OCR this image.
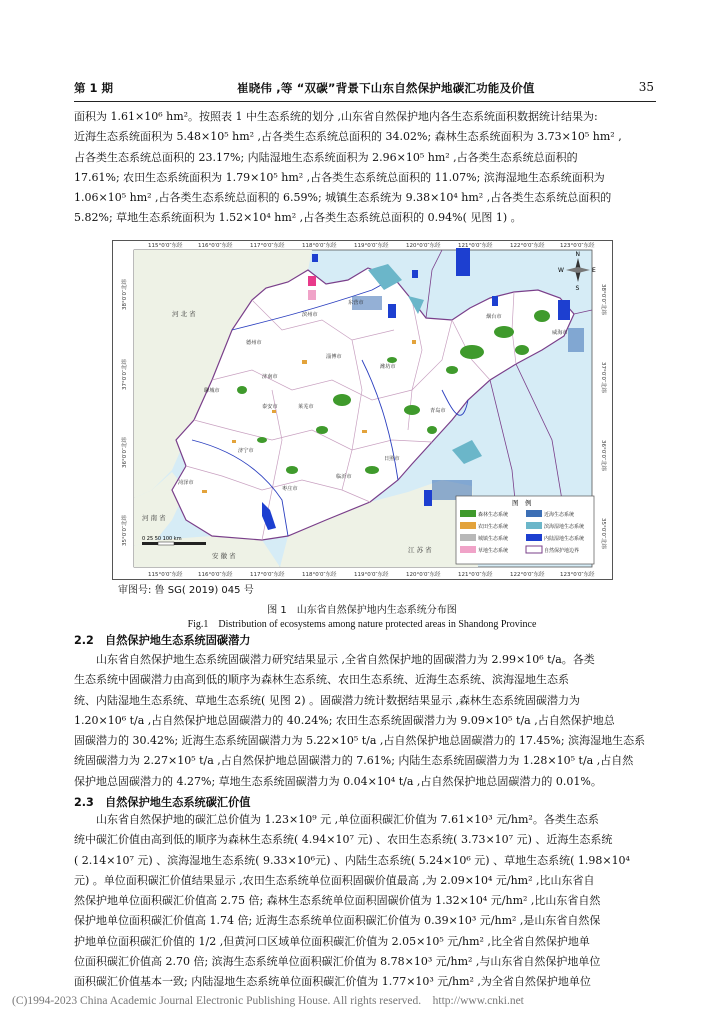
第 1 期	崔晓伟 ,等 “双碳”背景下山东自然保护地碳汇功能及价值	35

面积为 1.61×10⁶ hm²。按照表 1 中生态系统的划分 ,山东省自然保护地内各生态系统面积数据统计结果为:

近海生态系统面积为 5.48×10⁵ hm² ,占各类生态系统总面积的 34.02%; 森林生态系统面积为 3.73×10⁵ hm² ,

占各类生态系统总面积的 23.17%; 内陆湿地生态系统面积为 2.96×10⁵ hm² ,占各类生态系统总面积的

17.61%; 农田生态系统面积为 1.79×10⁵ hm² ,占各类生态系统总面积的 11.07%; 滨海湿地生态系统面积为

1.06×10⁵ hm² ,占各类生态系统总面积的 6.59%; 城镇生态系统为 9.38×10⁴ hm² ,占各类生态系统总面积的

5.82%; 草地生态系统面积为 1.52×10⁴ hm² ,占各类生态系统总面积的 0.94%( 见图 1) 。

河 北 省
河 南 省
安 徽 省
江 苏 省
滨州市
东营市
德州市
淄博市
潍坊市
聊城市
济南市
泰安市	莱芜市
济宁市
临沂市
日照市
枣庄市
菏泽市
青岛市
烟台市
威海市
115°0′0″东经	116°0′0″东经	117°0′0″东经	118°0′0″东经	119°0′0″东经	120°0′0″东经	121°0′0″东经	122°0′0″东经	123°0′0″东经
115°0′0″东经	116°0′0″东经	117°0′0″东经	118°0′0″东经	119°0′0″东经	120°0′0″东经	121°0′0″东经	122°0′0″东经	123°0′0″东经
38°0′0″北纬
37°0′0″北纬
36°0′0″北纬
35°0′0″北纬
38°0′0″北纬
37°0′0″北纬
36°0′0″北纬
35°0′0″北纬
N
S
W	E
0 25 50 100 km
图　例
森林生态系统	近海生态系统
农田生态系统	滨海湿地生态系统
城镇生态系统	内陆湿地生态系统
草地生态系统	自然保护地边界
审图号: 鲁 SG( 2019) 045 号
图 1　山东省自然保护地内生态系统分布图
Fig.1　Distribution of ecosystems among nature protected areas in Shandong Province
2.2　自然保护地生态系统固碳潜力

山东省自然保护地生态系统固碳潜力研究结果显示 ,全省自然保护地的固碳潜力为 2.99×10⁶ t/a。各类

生态系统中固碳潜力由高到低的顺序为森林生态系统、农田生态系统、近海生态系统、滨海湿地生态系

统、内陆湿地生态系统、草地生态系统( 见图 2) 。固碳潜力统计数据结果显示 ,森林生态系统固碳潜力为

1.20×10⁶ t/a ,占自然保护地总固碳潜力的 40.24%; 农田生态系统固碳潜力为 9.09×10⁵ t/a ,占自然保护地总

固碳潜力的 30.42%; 近海生态系统固碳潜力为 5.22×10⁵ t/a ,占自然保护地总固碳潜力的 17.45%; 滨海湿地生态系

统固碳潜力为 2.27×10⁵ t/a ,占自然保护地总固碳潜力的 7.61%; 内陆生态系统固碳潜力为 1.28×10⁵ t/a ,占自然

保护地总固碳潜力的 4.27%; 草地生态系统固碳潜力为 0.04×10⁴ t/a ,占自然保护地总固碳潜力的 0.01%。

2.3　自然保护地生态系统碳汇价值

山东省自然保护地的碳汇总价值为 1.23×10⁹ 元 ,单位面积碳汇价值为 7.61×10³ 元/hm²。各类生态系

统中碳汇价值由高到低的顺序为森林生态系统( 4.94×10⁷ 元) 、农田生态系统( 3.73×10⁷ 元) 、近海生态系统

( 2.14×10⁷ 元) 、滨海湿地生态系统( 9.33×10⁶元) 、内陆生态系统( 5.24×10⁶ 元) 、草地生态系统( 1.98×10⁴

元) 。单位面积碳汇价值结果显示 ,农田生态系统单位面积固碳价值最高 ,为 2.09×10⁴ 元/hm² ,比山东省自

然保护地单位面积碳汇价值高 2.75 倍; 森林生态系统单位面积固碳价值为 1.32×10⁴ 元/hm² ,比山东省自然

保护地单位面积碳汇价值高 1.74 倍; 近海生态系统单位面积碳汇价值为 0.39×10³ 元/hm² ,是山东省自然保

护地单位面积碳汇价值的 1/2 ,但黄河口区域单位面积碳汇价值为 2.05×10⁵ 元/hm² ,比全省自然保护地单

位面积碳汇价值高 2.70 倍; 滨海生态系统单位面积碳汇价值为 8.78×10³ 元/hm² ,与山东省自然保护地单位

面积碳汇价值基本一致; 内陆湿地生态系统单位面积碳汇价值为 1.77×10³ 元/hm² ,为全省自然保护地单位

(C)1994-2023 China Academic Journal Electronic Publishing House. All rights reserved.　http://www.cnki.net
